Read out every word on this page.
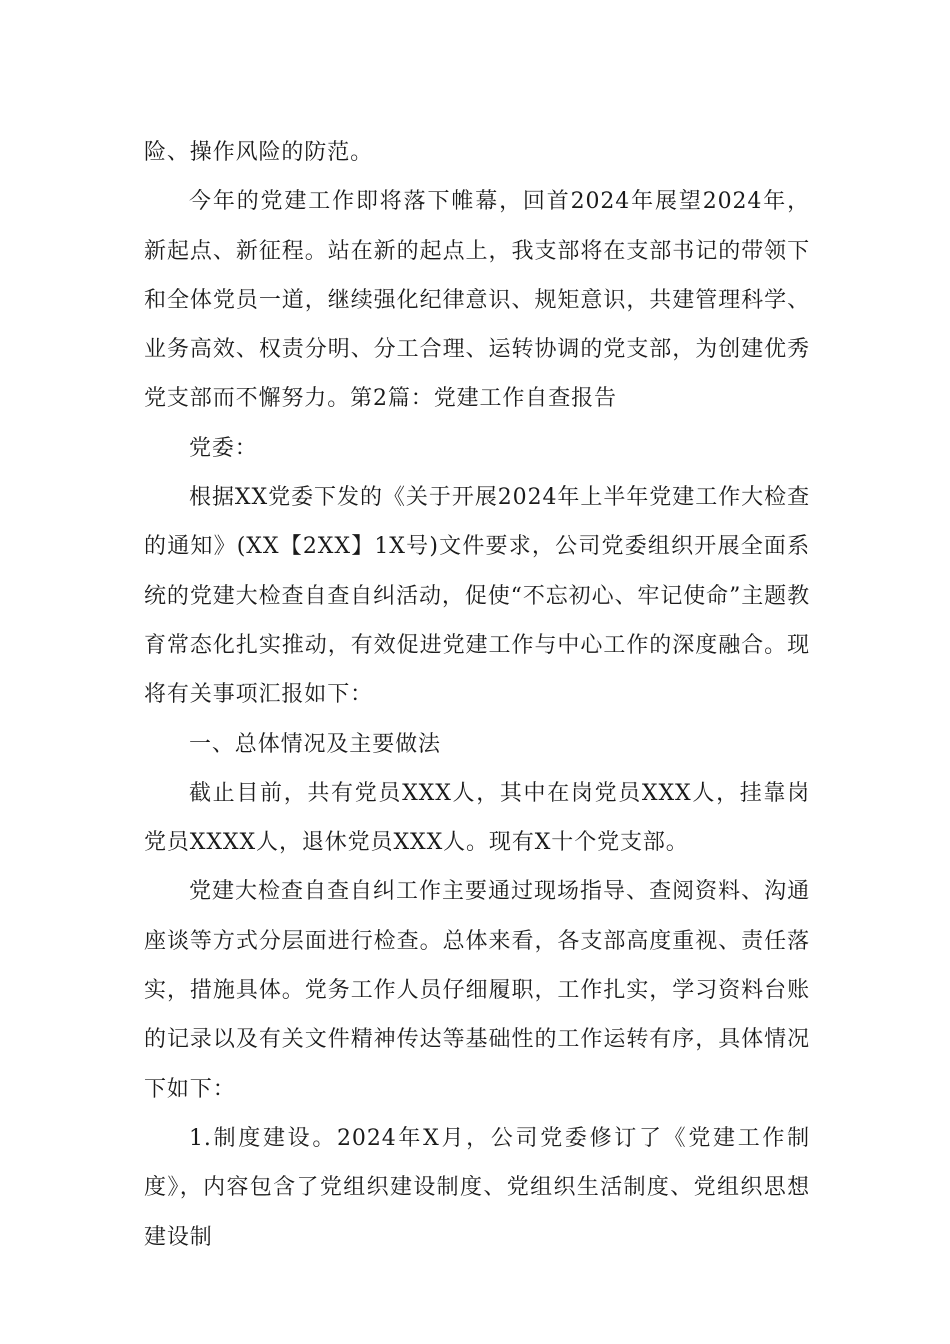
险、操作风险的防范。

今年的党建工作即将落下帷幕，回首2024年展望2024年，新起点、新征程。站在新的起点上，我支部将在支部书记的带领下和全体党员一道，继续强化纪律意识、规矩意识，共建管理科学、业务高效、权责分明、分工合理、运转协调的党支部，为创建优秀党支部而不懈努力。第2篇：党建工作自查报告

党委：

根据XX党委下发的《关于开展2024年上半年党建工作大检查的通知》(XX【2XX】1X号)文件要求，公司党委组织开展全面系统的党建大检查自查自纠活动，促使“不忘初心、牢记使命”主题教育常态化扎实推动，有效促进党建工作与中心工作的深度融合。现将有关事项汇报如下：

一、总体情况及主要做法

截止目前，共有党员XXX人，其中在岗党员XXX人，挂靠岗党员XXXX人，退休党员XXX人。现有X十个党支部。

党建大检查自查自纠工作主要通过现场指导、查阅资料、沟通座谈等方式分层面进行检查。总体来看，各支部高度重视、责任落实，措施具体。党务工作人员仔细履职，工作扎实，学习资料台账的记录以及有关文件精神传达等基础性的工作运转有序，具体情况下如下：

1.制度建设。2024年X月，公司党委修订了《党建工作制度》，内容包含了党组织建设制度、党组织生活制度、党组织思想建设制
